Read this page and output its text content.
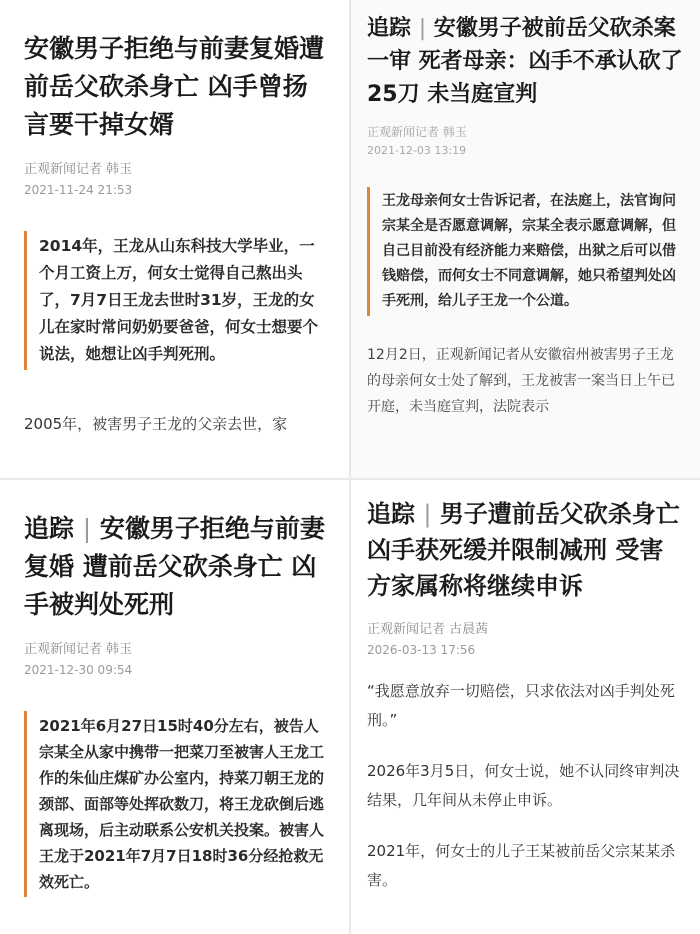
安徽男子拒绝与前妻复婚遭前岳父砍杀身亡 凶手曾扬言要干掉女婿
正观新闻记者 韩玉
2021-11-24 21:53
2014年，王龙从山东科技大学毕业，一个月工资上万，何女士觉得自己熬出头了，7月7日王龙去世时31岁，王龙的女儿在家时常问奶奶要爸爸，何女士想要个说法，她想让凶手判死刑。
2005年，被害男子王龙的父亲去世，家
追踪 | 安徽男子被前岳父砍杀案一审 死者母亲：凶手不承认砍了25刀 未当庭宣判
正观新闻记者 韩玉
2021-12-03 13:19
王龙母亲何女士告诉记者，在法庭上，法官询问宗某全是否愿意调解，宗某全表示愿意调解，但自己目前没有经济能力来赔偿，出狱之后可以借钱赔偿，而何女士不同意调解，她只希望判处凶手死刑，给儿子王龙一个公道。
12月2日，正观新闻记者从安徽宿州被害男子王龙的母亲何女士处了解到，王龙被害一案当日上午已开庭，未当庭宣判，法院表示
追踪 | 安徽男子拒绝与前妻复婚 遭前岳父砍杀身亡 凶手被判处死刑
正观新闻记者 韩玉
2021-12-30 09:54
2021年6月27日15时40分左右，被告人宗某全从家中携带一把菜刀至被害人王龙工作的朱仙庄煤矿办公室内，持菜刀朝王龙的颈部、面部等处挥砍数刀，将王龙砍倒后逃离现场，后主动联系公安机关投案。被害人王龙于2021年7月7日18时36分经抢救无效死亡。
追踪 | 男子遭前岳父砍杀身亡 凶手获死缓并限制减刑 受害方家属称将继续申诉
正观新闻记者 古晨茜
2026-03-13 17:56
“我愿意放弃一切赔偿，只求依法对凶手判处死刑。”
2026年3月5日，何女士说，她不认同终审判决结果，几年间从未停止申诉。
2021年，何女士的儿子王某被前岳父宗某某杀害。
